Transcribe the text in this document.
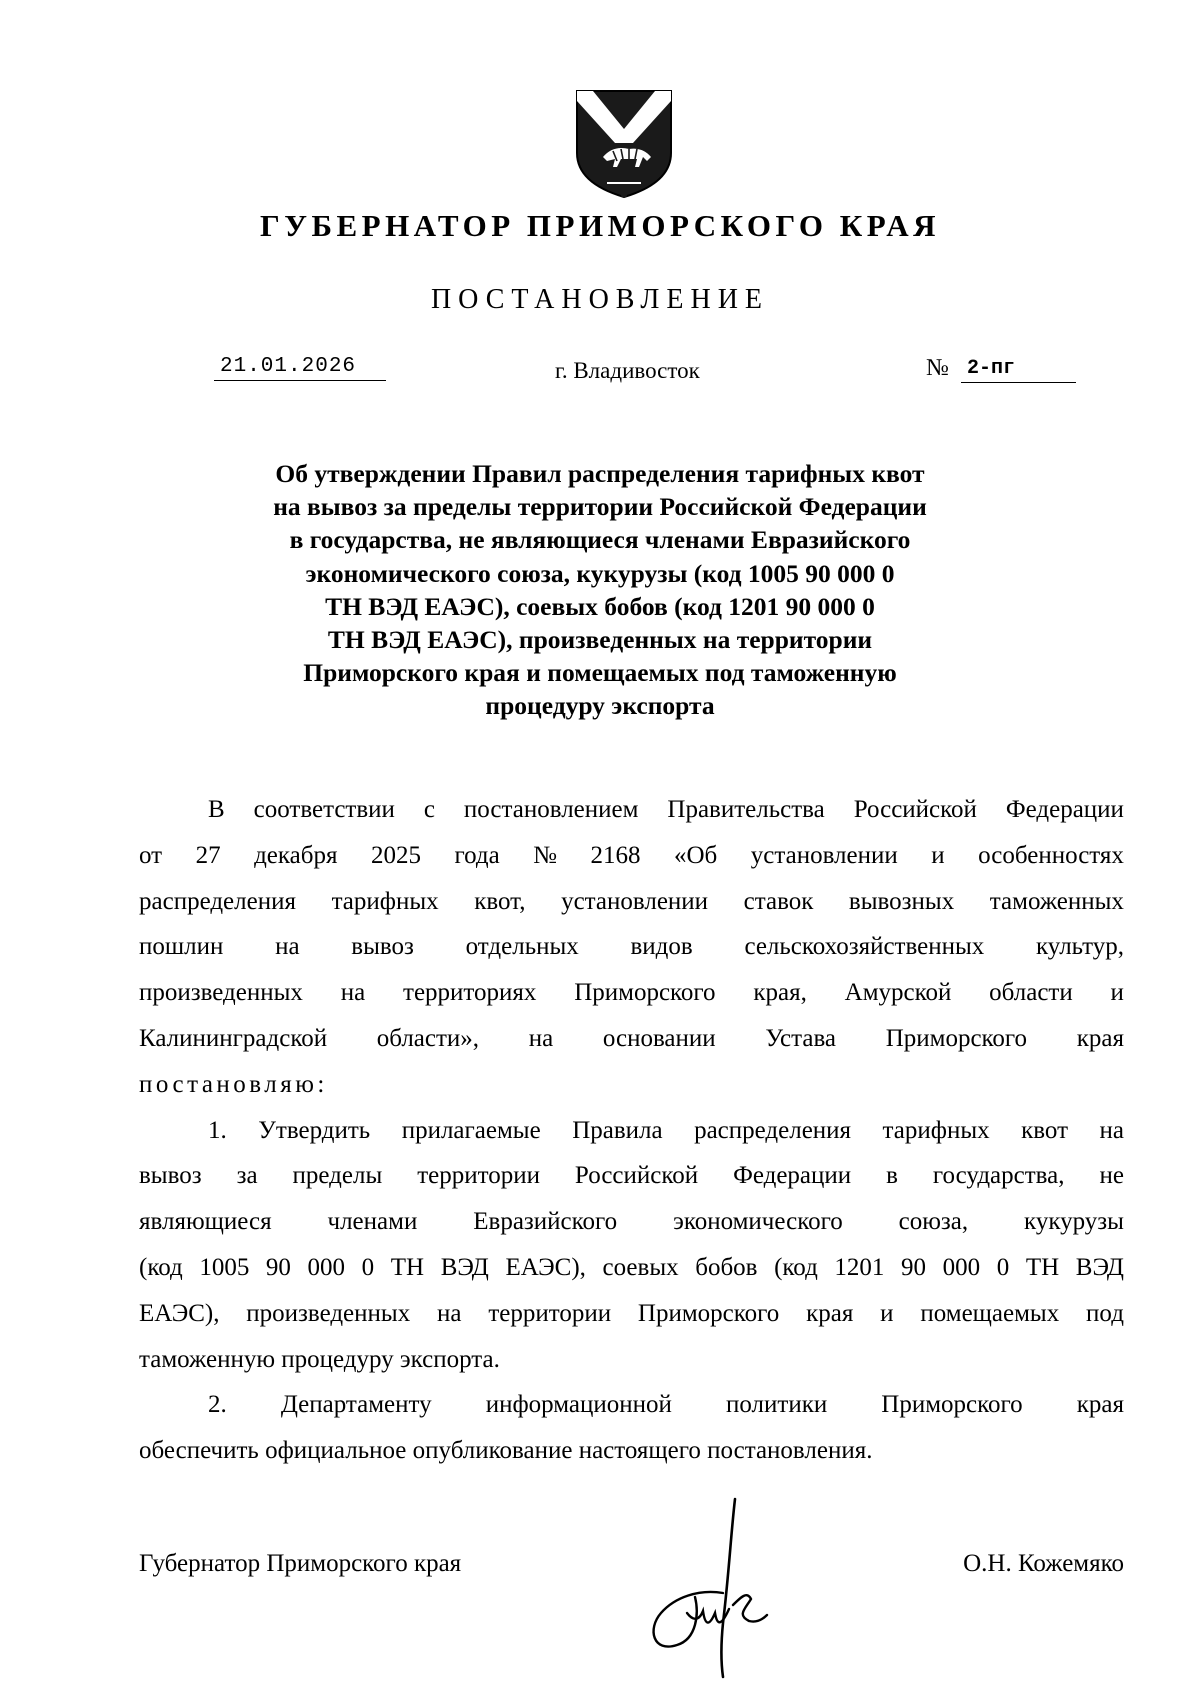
ГУБЕРНАТОР ПРИМОРСКОГО КРАЯ
ПОСТАНОВЛЕНИЕ
21.01.2026	г. Владивосток	№ 2-пг
Об утверждении Правил распределения тарифных квот
на вывоз за пределы территории Российской Федерации
в государства, не являющиеся членами Евразийского
экономического союза, кукурузы (код 1005 90 000 0
ТН ВЭД ЕАЭС), соевых бобов (код 1201 90 000 0
ТН ВЭД ЕАЭС), произведенных на территории
Приморского края и помещаемых под таможенную
процедуру экспорта
В соответствии с постановлением Правительства Российской Федерации
от 27 декабря 2025 года № 2168 «Об установлении и особенностях
распределения тарифных квот, установлении ставок вывозных таможенных
пошлин на вывоз отдельных видов сельскохозяйственных культур,
произведенных на территориях Приморского края, Амурской области и
Калининградской области», на основании Устава Приморского края
постановляю:
1. Утвердить прилагаемые Правила распределения тарифных квот на
вывоз за пределы территории Российской Федерации в государства, не
являющиеся членами Евразийского экономического союза, кукурузы
(код 1005 90 000 0 ТН ВЭД ЕАЭС), соевых бобов (код 1201 90 000 0 ТН ВЭД
ЕАЭС), произведенных на территории Приморского края и помещаемых под
таможенную процедуру экспорта.
2. Департаменту информационной политики Приморского края
обеспечить официальное опубликование настоящего постановления.
Губернатор Приморского края	О.Н. Кожемяко
